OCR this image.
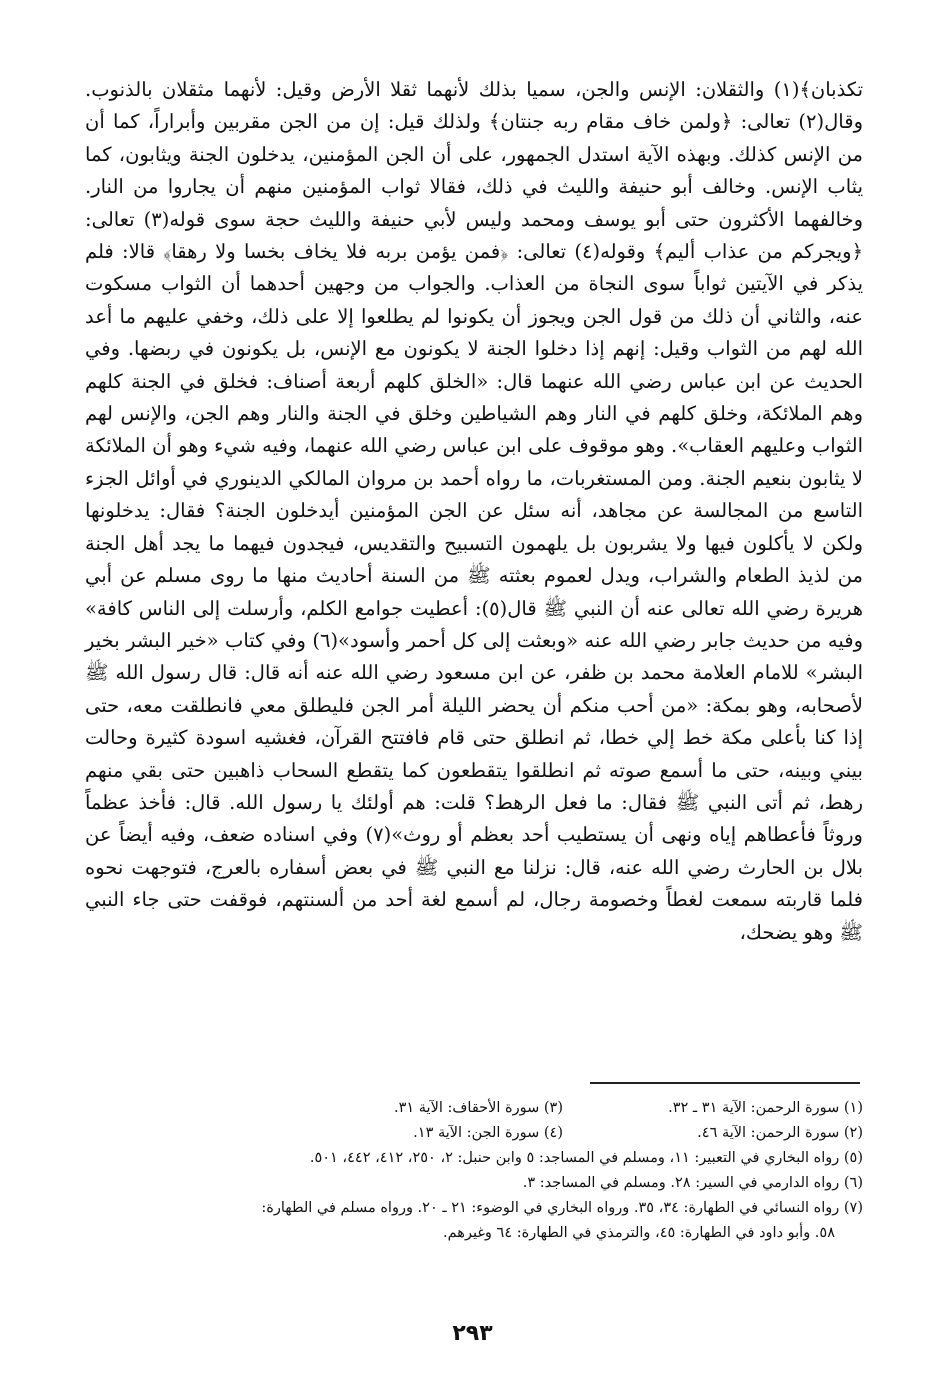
تكذبان﴾(١) والثقلان: الإنس والجن، سميا بذلك لأنهما ثقلا الأرض وقيل: لأنهما مثقلان بالذنوب. وقال(٢) تعالى: ﴿ولمن خاف مقام ربه جنتان﴾ ولذلك قيل: إن من الجن مقربين وأبراراً، كما أن من الإنس كذلك. وبهذه الآية استدل الجمهور، على أن الجن المؤمنين، يدخلون الجنة ويثابون، كما يثاب الإنس. وخالف أبو حنيفة والليث في ذلك، فقالا ثواب المؤمنين منهم أن يجاروا من النار. وخالفهما الأكثرون حتى أبو يوسف ومحمد وليس لأبي حنيفة والليث حجة سوى قوله(٣) تعالى: ﴿ويجركم من عذاب أليم﴾ وقوله(٤) تعالى: ﴿فمن يؤمن بربه فلا يخاف بخسا ولا رهقا﴾ قالا: فلم يذكر في الآيتين ثواباً سوى النجاة من العذاب. والجواب من وجهين أحدهما أن الثواب مسكوت عنه، والثاني أن ذلك من قول الجن ويجوز أن يكونوا لم يطلعوا إلا على ذلك، وخفي عليهم ما أعد الله لهم من الثواب وقيل: إنهم إذا دخلوا الجنة لا يكونون مع الإنس، بل يكونون في ربضها. وفي الحديث عن ابن عباس رضي الله عنهما قال: «الخلق كلهم أربعة أصناف: فخلق في الجنة كلهم وهم الملائكة، وخلق كلهم في النار وهم الشياطين وخلق في الجنة والنار وهم الجن، والإنس لهم الثواب وعليهم العقاب». وهو موقوف على ابن عباس رضي الله عنهما، وفيه شيء وهو أن الملائكة لا يثابون بنعيم الجنة. ومن المستغربات، ما رواه أحمد بن مروان المالكي الدينوري في أوائل الجزء التاسع من المجالسة عن مجاهد، أنه سئل عن الجن المؤمنين أيدخلون الجنة؟ فقال: يدخلونها ولكن لا يأكلون فيها ولا يشربون بل يلهمون التسبيح والتقديس، فيجدون فيهما ما يجد أهل الجنة من لذيذ الطعام والشراب، ويدل لعموم بعثته ﷺ من السنة أحاديث منها ما روى مسلم عن أبي هريرة رضي الله تعالى عنه أن النبي ﷺ قال(٥): أعطيت جوامع الكلم، وأرسلت إلى الناس كافة» وفيه من حديث جابر رضي الله عنه «وبعثت إلى كل أحمر وأسود»(٦) وفي كتاب «خير البشر بخير البشر» للامام العلامة محمد بن ظفر، عن ابن مسعود رضي الله عنه أنه قال: قال رسول الله ﷺ لأصحابه، وهو بمكة: «من أحب منكم أن يحضر الليلة أمر الجن فليطلق معي فانطلقت معه، حتى إذا كنا بأعلى مكة خط إلي خطا، ثم انطلق حتى قام فافتتح القرآن، فغشيه اسودة كثيرة وحالت بيني وبينه، حتى ما أسمع صوته ثم انطلقوا يتقطعون كما يتقطع السحاب ذاهبين حتى بقي منهم رهط، ثم أتى النبي ﷺ فقال: ما فعل الرهط؟ قلت: هم أولئك يا رسول الله. قال: فأخذ عظماً وروثاً فأعطاهم إياه ونهى أن يستطيب أحد بعظم أو روث»(٧) وفي اسناده ضعف، وفيه أيضاً عن بلال بن الحارث رضي الله عنه، قال: نزلنا مع النبي ﷺ في بعض أسفاره بالعرج، فتوجهت نحوه فلما قاربته سمعت لغطاً وخصومة رجال، لم أسمع لغة أحد من ألسنتهم، فوقفت حتى جاء النبي ﷺ وهو يضحك،

(١) سورة الرحمن: الآية ٣١ ـ ٣٢.
(٣) سورة الأحقاف: الآية ٣١.
(٢) سورة الرحمن: الآية ٤٦.
(٤) سورة الجن: الآية ١٣.
(٥) رواه البخاري في التعبير: ١١، ومسلم في المساجد: ٥ وابن حنبل: ٢، ٢٥٠، ٤١٢، ٤٤٢، ٥٠١.
(٦) رواه الدارمي في السير: ٢٨. ومسلم في المساجد: ٣.
(٧) رواه النسائي في الطهارة: ٣٤، ٣٥. ورواه البخاري في الوضوء: ٢١ ـ ٢٠. ورواه مسلم في الطهارة:
٥٨. وأبو داود في الطهارة: ٤٥، والترمذي في الطهارة: ٦٤ وغيرهم.
٢٩٣
